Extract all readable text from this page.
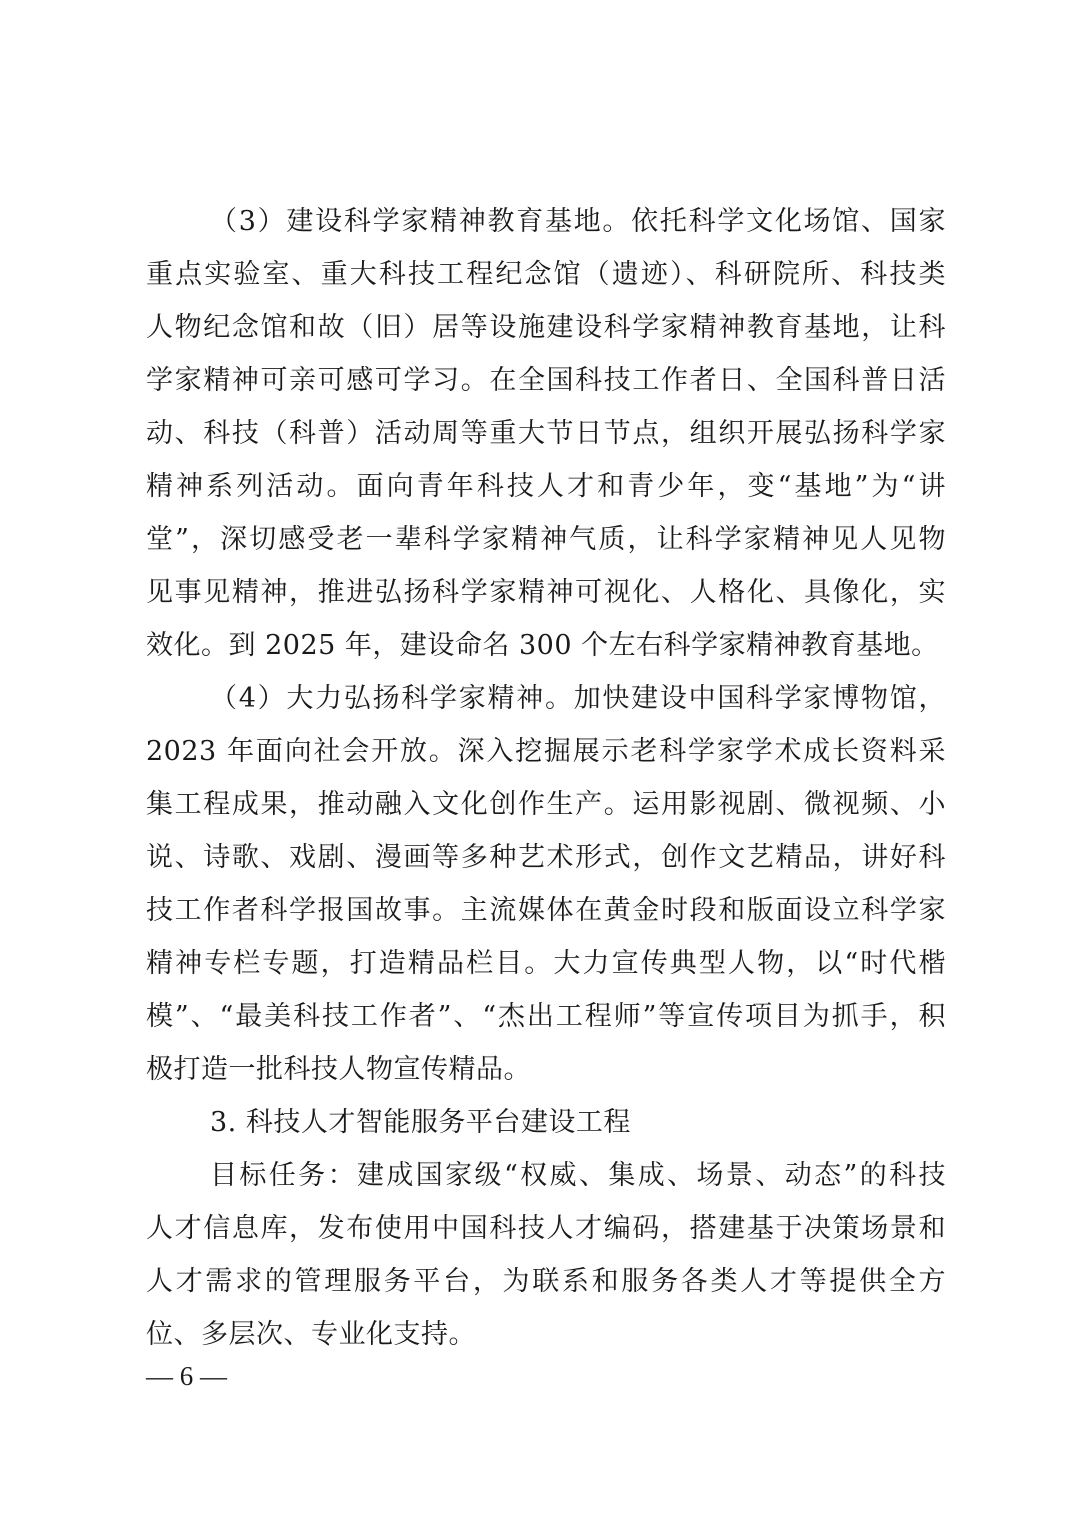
（3）建设科学家精神教育基地。依托科学文化场馆、国家
重点实验室、重大科技工程纪念馆（遗迹）、科研院所、科技类
人物纪念馆和故（旧）居等设施建设科学家精神教育基地，让科
学家精神可亲可感可学习。在全国科技工作者日、全国科普日活
动、科技（科普）活动周等重大节日节点，组织开展弘扬科学家
精神系列活动。面向青年科技人才和青少年，变“基地”为“讲
堂”，深切感受老一辈科学家精神气质，让科学家精神见人见物
见事见精神，推进弘扬科学家精神可视化、人格化、具像化，实
效化。到 2025 年，建设命名 300 个左右科学家精神教育基地。
（4）大力弘扬科学家精神。加快建设中国科学家博物馆，
2023 年面向社会开放。深入挖掘展示老科学家学术成长资料采
集工程成果，推动融入文化创作生产。运用影视剧、微视频、小
说、诗歌、戏剧、漫画等多种艺术形式，创作文艺精品，讲好科
技工作者科学报国故事。主流媒体在黄金时段和版面设立科学家
精神专栏专题，打造精品栏目。大力宣传典型人物，以“时代楷
模”、“最美科技工作者”、“杰出工程师”等宣传项目为抓手，积
极打造一批科技人物宣传精品。
3. 科技人才智能服务平台建设工程
目标任务：建成国家级“权威、集成、场景、动态”的科技
人才信息库，发布使用中国科技人才编码，搭建基于决策场景和
人才需求的管理服务平台，为联系和服务各类人才等提供全方
位、多层次、专业化支持。
— 6 —
